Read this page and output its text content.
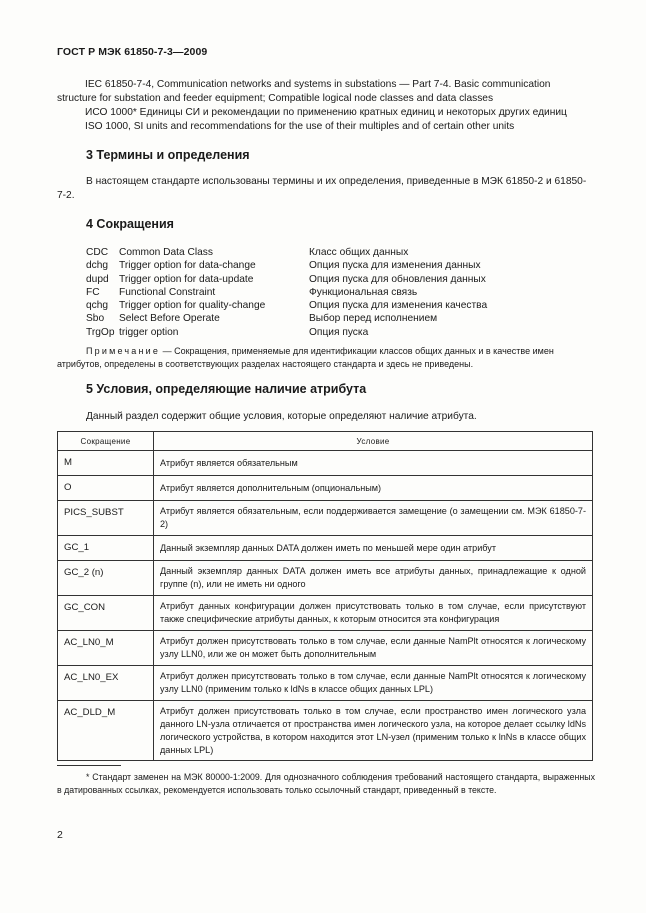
ГОСТ Р МЭК 61850-7-3—2009
IEC 61850-7-4, Communication networks and systems in substations — Part 7-4. Basic communication
structure for substation and feeder equipment; Compatible logical node classes and data classes
ИСО 1000* Единицы СИ и рекомендации по применению кратных единиц и некоторых других единиц
ISO 1000, SI units and recommendations for the use of their multiples and of certain other units
3 Термины и определения
В настоящем стандарте использованы термины и их определения, приведенные в МЭК 61850-2 и 61850-7-2.
4 Сокращения
CDC Common Data Class	Класс общих данных
dchg Trigger option for data-change	Опция пуска для изменения данных
dupd Trigger option for data-update	Опция пуска для обновления данных
FC Functional Constraint	Функциональная связь
qchg Trigger option for quality-change	Опция пуска для изменения качества
Sbo Select Before Operate	Выбор перед исполнением
TrgOp trigger option	Опция пуска
Примечание — Сокращения, применяемые для идентификации классов общих данных и в качестве имен атрибутов, определены в соответствующих разделах настоящего стандарта и здесь не приведены.
5 Условия, определяющие наличие атрибута
Данный раздел содержит общие условия, которые определяют наличие атрибута.
Сокращение	Условие
M	Атрибут является обязательным
O	Атрибут является дополнительным (опциональным)
PICS_SUBST	Атрибут является обязательным, если поддерживается замещение (о замещении см. МЭК 61850-7-2)
GC_1	Данный экземпляр данных DATA должен иметь по меньшей мере один атрибут
GC_2 (n)	Данный экземпляр данных DATA должен иметь все атрибуты данных, принадлежащие к одной группе (n), или не иметь ни одного
GC_CON	Атрибут данных конфигурации должен присутствовать только в том случае, если присутствуют также специфические атрибуты данных, к которым относится эта конфигурация
AC_LN0_M	Атрибут должен присутствовать только в том случае, если данные NamPlt относятся к логическому узлу LLN0, или же он может быть дополнительным
AC_LN0_EX	Атрибут должен присутствовать только в том случае, если данные NamPlt относятся к логическому узлу LLN0 (применим только к ldNs в классе общих данных LPL)
AC_DLD_M	Атрибут должен присутствовать только в том случае, если пространство имен логического узла данного LN-узла отличается от пространства имен логического узла, на которое делает ссылку ldNs логического устройства, в котором находится этот LN-узел (применим только к lnNs в классе общих данных LPL)
* Стандарт заменен на МЭК 80000-1:2009. Для однозначного соблюдения требований настоящего стандарта, выраженных в датированных ссылках, рекомендуется использовать только ссылочный стандарт, приведенный в тексте.
2
